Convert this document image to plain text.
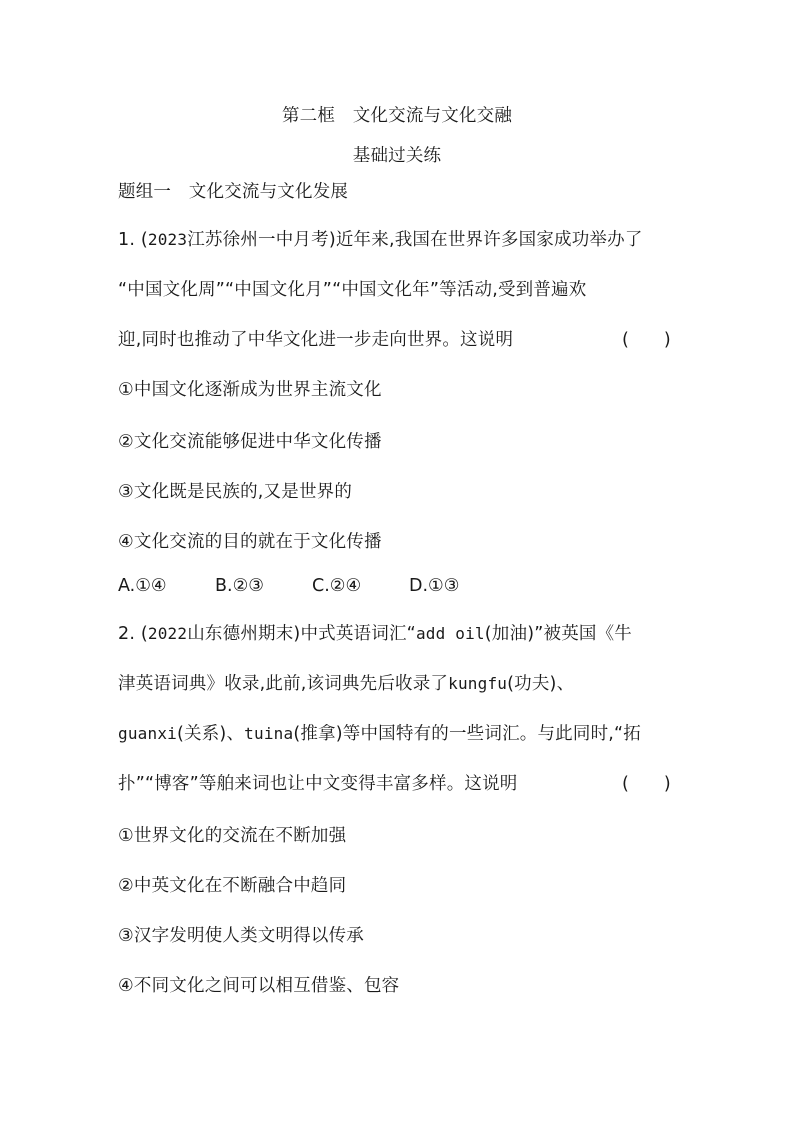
第二框　文化交流与文化交融
基础过关练
题组一　文化交流与文化发展
1. (2023江苏徐州一中月考)近年来,我国在世界许多国家成功举办了
“中国文化周”“中国文化月”“中国文化年”等活动,受到普遍欢
迎,同时也推动了中华文化进一步走向世界。这说明	(　　)
①中国文化逐渐成为世界主流文化
②文化交流能够促进中华文化传播
③文化既是民族的,又是世界的
④文化交流的目的就在于文化传播
A.①④	B.②③	C.②④	D.①③
2. (2022山东德州期末)中式英语词汇“add oil(加油)”被英国《牛
津英语词典》收录,此前,该词典先后收录了kungfu(功夫)、
guanxi(关系)、tuina(推拿)等中国特有的一些词汇。与此同时,“拓
扑”“博客”等舶来词也让中文变得丰富多样。这说明	(　　)
①世界文化的交流在不断加强
②中英文化在不断融合中趋同
③汉字发明使人类文明得以传承
④不同文化之间可以相互借鉴、包容
